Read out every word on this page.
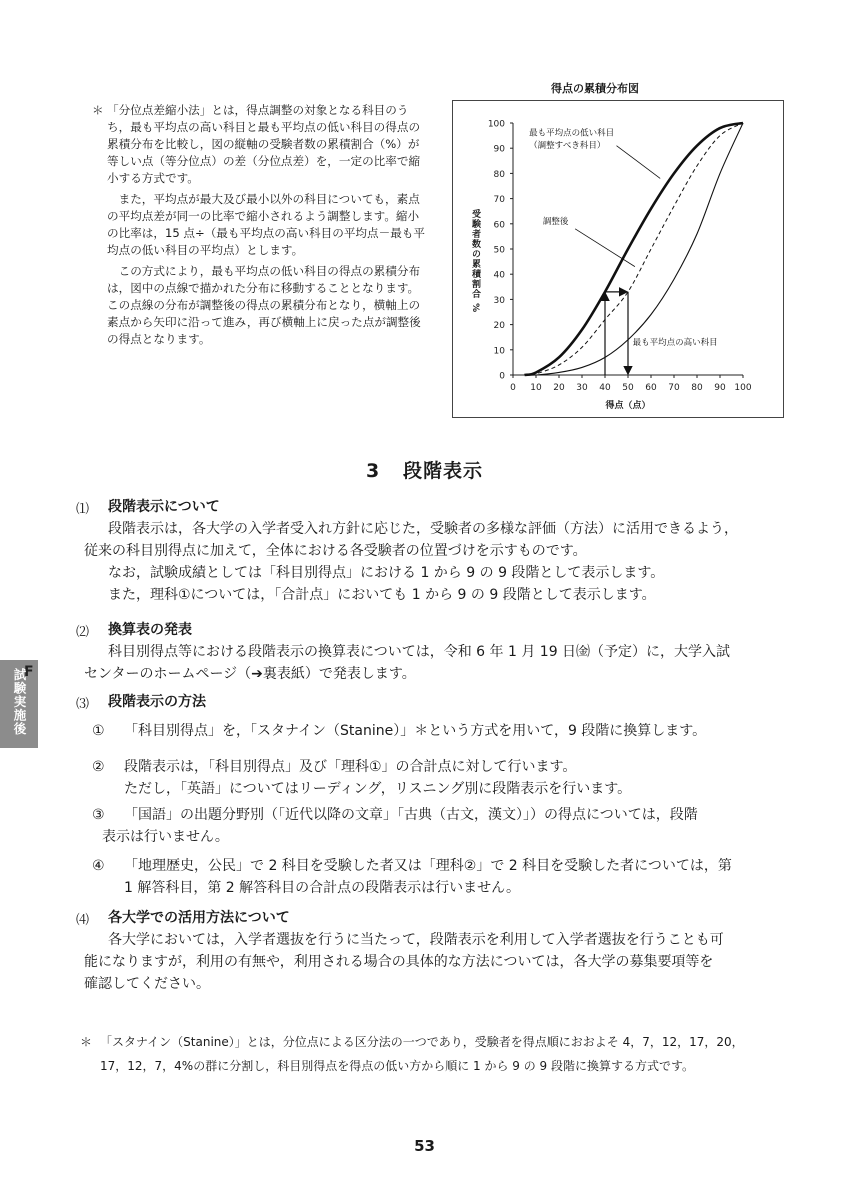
＊ 「分位点差縮小法」とは，得点調整の対象となる科目のうち，最も平均点の高い科目と最も平均点の低い科目の得点の累積分布を比較し，図の縦軸の受験者数の累積割合（%）が等しい点（等分位点）の差（分位点差）を，一定の比率で縮小する方式です。

また，平均点が最大及び最小以外の科目についても，素点の平均点差が同一の比率で縮小されるよう調整します。縮小の比率は，15 点÷（最も平均点の高い科目の平均点－最も平均点の低い科目の平均点）とします。

この方式により，最も平均点の低い科目の得点の累積分布は，図中の点線で描かれた分布に移動することとなります。この点線の分布が調整後の得点の累積分布となり，横軸上の素点から矢印に沿って進み，再び横軸上に戻った点が調整後の得点となります。

得点の累積分布図
0
10
20
30
40
50
60
70
80
90
100
0 10 20 30 40 50 60 70 80 90 100
得点（点）
受験者数の累積割合 %
最も平均点の低い科目
（調整すべき科目）
調整後
最も平均点の高い科目
3 段階表示
⑴ 段階表示について

段階表示は，各大学の入学者受入れ方針に応じた，受験者の多様な評価（方法）に活用できるよう，

従来の科目別得点に加えて，全体における各受験者の位置づけを示すものです。

なお，試験成績としては「科目別得点」における 1 から 9 の 9 段階として表示します。

また，理科①については，「合計点」においても 1 から 9 の 9 段階として表示します。

⑵ 換算表の発表

科目別得点等における段階表示の換算表については，令和 6 年 1 月 19 日㈮（予定）に，大学入試

センターのホームページ（➔裏表紙）で発表します。

⑶ 段階表示の方法
① 「科目別得点」を，「スタナイン（Stanine）」＊という方式を用いて，9 段階に換算します。
② 段階表示は，「科目別得点」及び「理科①」の合計点に対して行います。
ただし，「英語」についてはリーディング，リスニング別に段階表示を行います。
③ 「国語」の出題分野別（「近代以降の文章」「古典（古文，漢文）」）の得点については，段階
表示は行いません。
④ 「地理歴史，公民」で 2 科目を受験した者又は「理科②」で 2 科目を受験した者については，第
1 解答科目，第 2 解答科目の合計点の段階表示は行いません。
⑷ 各大学での活用方法について

各大学においては，入学者選抜を行うに当たって，段階表示を利用して入学者選抜を行うことも可

能になりますが，利用の有無や，利用される場合の具体的な方法については，各大学の募集要項等を

確認してください。

＊ 「スタナイン（Stanine）」とは，分位点による区分法の一つであり，受験者を得点順におおよそ 4，7，12，17，20，
17，12，7，4%の群に分割し，科目別得点を得点の低い方から順に 1 から 9 の 9 段階に換算する方式です。
F
試験実施後
53
